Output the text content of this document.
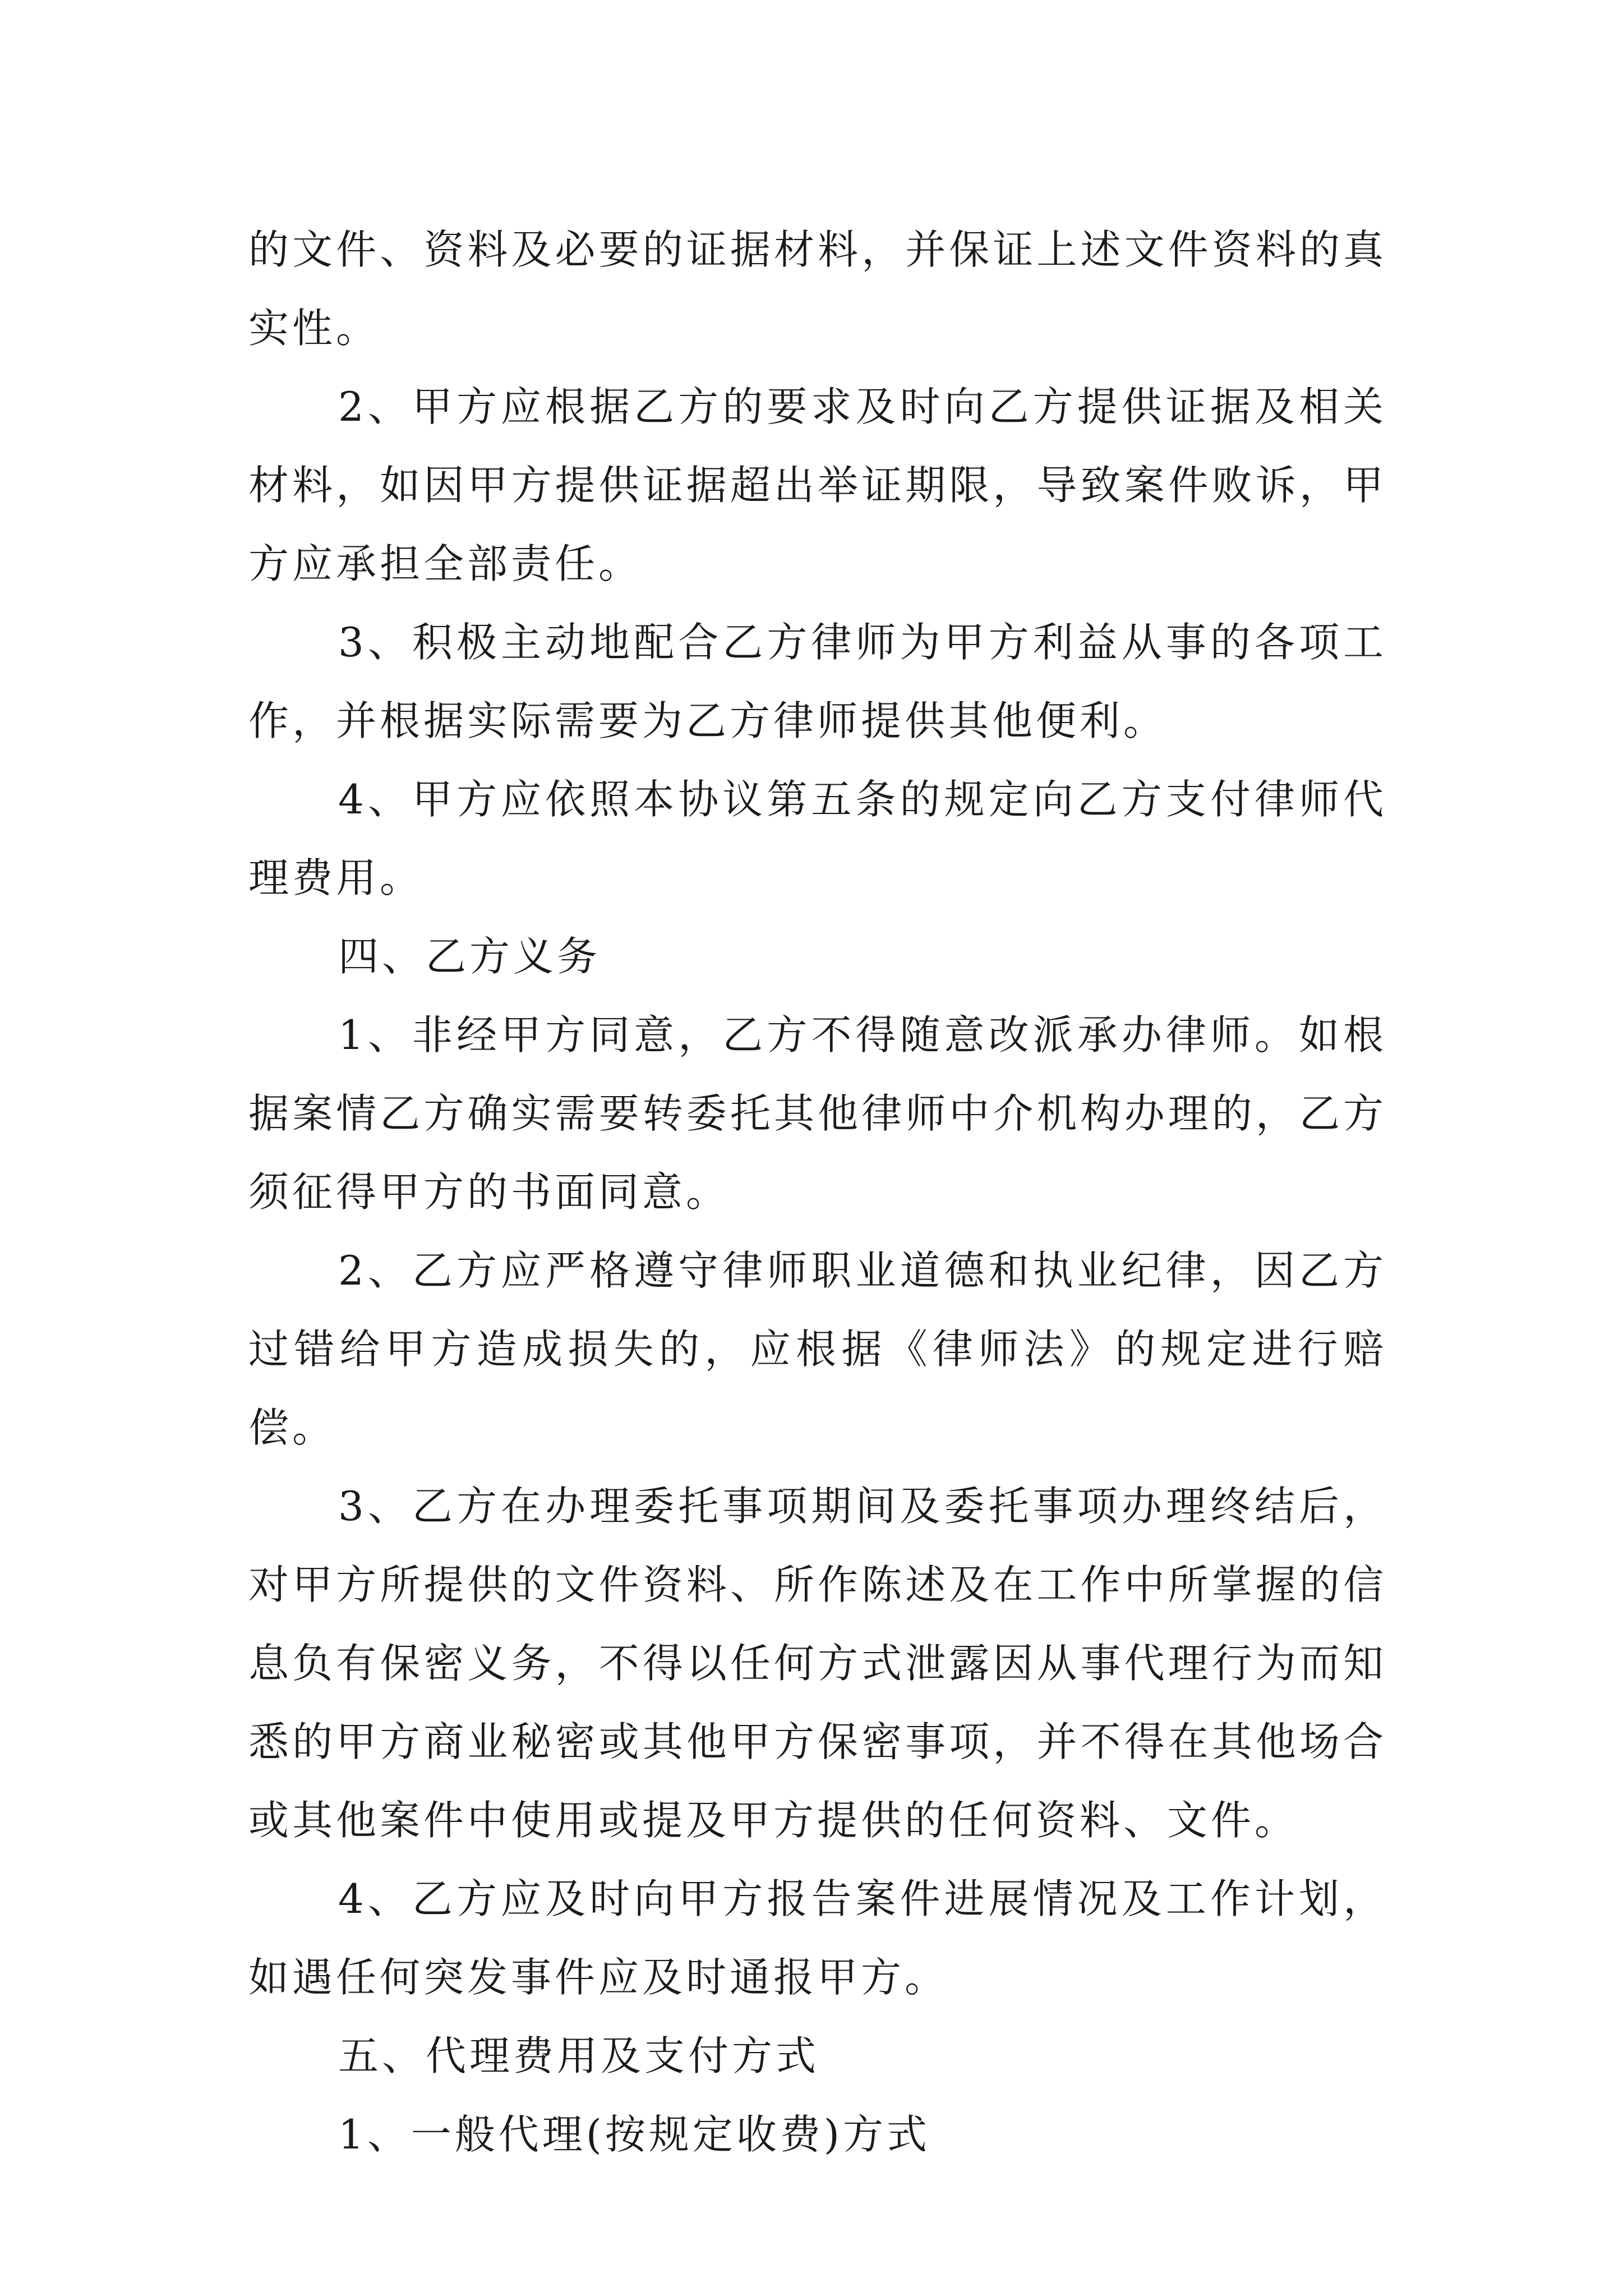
的文件、资料及必要的证据材料，并保证上述文件资料的真实性。

2、甲方应根据乙方的要求及时向乙方提供证据及相关材料，如因甲方提供证据超出举证期限，导致案件败诉，甲方应承担全部责任。

3、积极主动地配合乙方律师为甲方利益从事的各项工作，并根据实际需要为乙方律师提供其他便利。

4、甲方应依照本协议第五条的规定向乙方支付律师代理费用。

四、乙方义务

1、非经甲方同意，乙方不得随意改派承办律师。如根据案情乙方确实需要转委托其他律师中介机构办理的，乙方须征得甲方的书面同意。

2、乙方应严格遵守律师职业道德和执业纪律，因乙方过错给甲方造成损失的，应根据《律师法》的规定进行赔偿。

3、乙方在办理委托事项期间及委托事项办理终结后，对甲方所提供的文件资料、所作陈述及在工作中所掌握的信息负有保密义务，不得以任何方式泄露因从事代理行为而知悉的甲方商业秘密或其他甲方保密事项，并不得在其他场合或其他案件中使用或提及甲方提供的任何资料、文件。

4、乙方应及时向甲方报告案件进展情况及工作计划，如遇任何突发事件应及时通报甲方。

五、代理费用及支付方式

1、一般代理(按规定收费)方式
